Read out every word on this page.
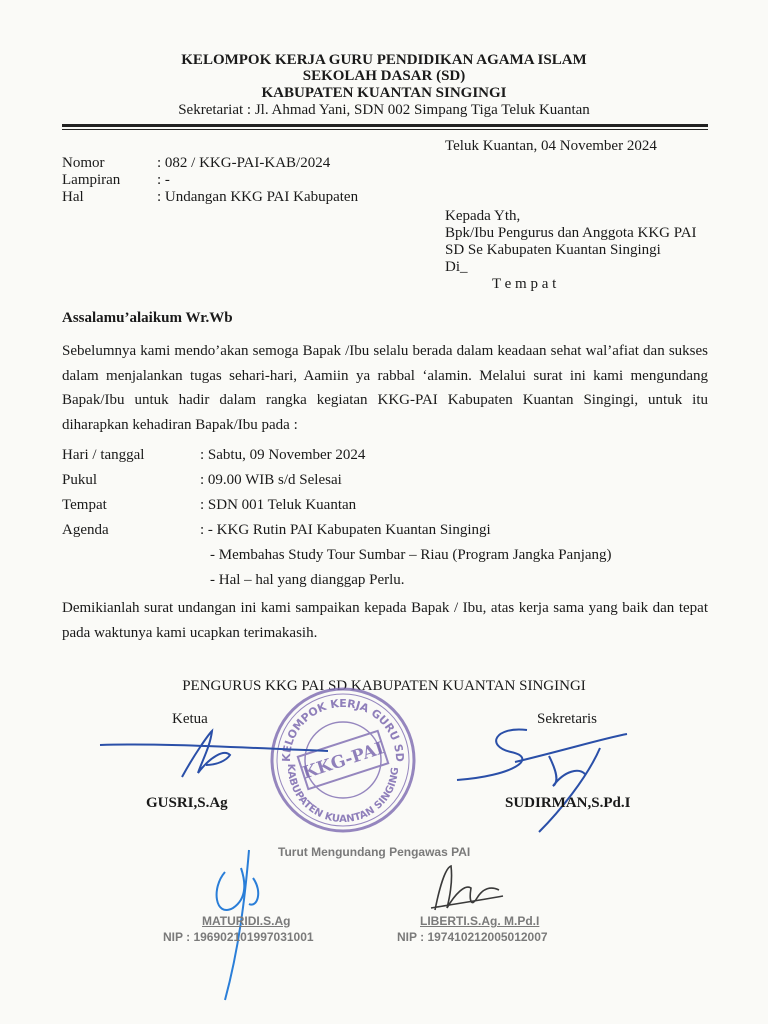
KELOMPOK KERJA GURU PENDIDIKAN AGAMA ISLAM
SEKOLAH DASAR (SD)
KABUPATEN KUANTAN SINGINGI
Sekretariat : Jl. Ahmad Yani, SDN 002 Simpang Tiga Teluk Kuantan
Teluk Kuantan, 04 November 2024
Nomor	: 082 / KKG-PAI-KAB/2024
Lampiran : -
Hal	: Undangan KKG PAI Kabupaten
Kepada Yth,
Bpk/Ibu Pengurus dan Anggota KKG PAI
SD Se Kabupaten Kuantan Singingi
Di_
T e m p a t
Assalamu’alaikum Wr.Wb
Sebelumnya kami mendo’akan semoga Bapak /Ibu selalu berada dalam keadaan sehat wal’afiat dan sukses dalam menjalankan tugas sehari-hari, Aamiin ya rabbal ‘alamin. Melalui surat ini kami mengundang Bapak/Ibu untuk hadir dalam rangka kegiatan KKG-PAI Kabupaten Kuantan Singingi, untuk itu diharapkan kehadiran Bapak/Ibu pada :
Hari / tanggal	: Sabtu, 09 November 2024
Pukul	: 09.00 WIB s/d Selesai
Tempat	: SDN 001 Teluk Kuantan
Agenda	: - KKG Rutin PAI Kabupaten Kuantan Singingi
- Membahas Study Tour Sumbar – Riau (Program Jangka Panjang)
- Hal – hal yang dianggap Perlu.
Demikianlah surat undangan ini kami sampaikan kepada Bapak / Ibu, atas kerja sama yang baik dan tepat pada waktunya kami ucapkan terimakasih.
PENGURUS KKG PAI SD KABUPATEN KUANTAN SINGINGI
Ketua	Sekretaris
KELOMPOK KERJA GURU SD
KABUPATEN KUANTAN SINGING
KKG-PAI
GUSRI,S.Ag	SUDIRMAN,S.Pd.I
Turut Mengundang Pengawas PAI
MATURIDI.S.Ag
NIP : 196902101997031001
LIBERTI.S.Ag. M.Pd.I
NIP : 197410212005012007
